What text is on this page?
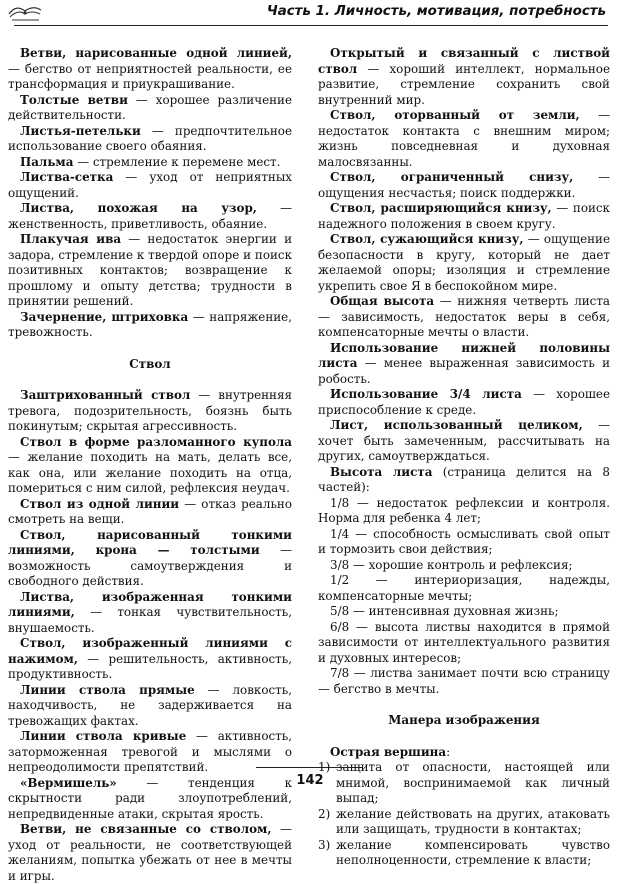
Часть 1. Личность, мотивация, потребность

Ветви, нарисованные одной линией, — бегство от неприятностей реальности, ее трансформация и приукрашивание.

Толстые ветви — хорошее различение действительности.

Листья-петельки — предпочтительное использование своего обаяния.

Пальма — стремление к перемене мест.

Листва-сетка — уход от неприятных ощущений.

Листва, похожая на узор, — женственность, приветливость, обаяние.

Плакучая ива — недостаток энергии и задора, стремление к твердой опоре и поиск позитивных контактов; возвращение к прошлому и опыту детства; трудности в принятии решений.

Зачернение, штриховка — напряжение, тревожность.

Ствол

Заштрихованный ствол — внутренняя тревога, подозрительность, боязнь быть покинутым; скрытая агрессивность.

Ствол в форме разломанного купола — желание походить на мать, делать все, как она, или желание походить на отца, помериться с ним силой, рефлексия неудач.

Ствол из одной линии — отказ реально смотреть на вещи.

Ствол, нарисованный тонкими линиями, крона — толстыми — возможность самоутверждения и свободного действия.

Листва, изображенная тонкими линиями, — тонкая чувствительность, внушаемость.

Ствол, изображенный линиями с нажимом, — решительность, активность, продуктивность.

Линии ствола прямые — ловкость, находчивость, не задерживается на тревожащих фактах.

Линии ствола кривые — активность, заторможенная тревогой и мыслями о непреодолимости препятствий.

«Вермишель» — тенденция к скрытности ради злоупотреблений, непредвиденные атаки, скрытая ярость.

Ветви, не связанные со стволом, — уход от реальности, не соответствующей желаниям, попытка убежать от нее в мечты и игры.

Открытый и связанный с листвой ствол — хороший интеллект, нормальное развитие, стремление сохранить свой внутренний мир.

Ствол, оторванный от земли, — недостаток контакта с внешним миром; жизнь повседневная и духовная малосвязанны.

Ствол, ограниченный снизу, — ощущения несчастья; поиск поддержки.

Ствол, расширяющийся книзу, — поиск надежного положения в своем кругу.

Ствол, сужающийся книзу, — ощущение безопасности в кругу, который не дает желаемой опоры; изоляция и стремление укрепить свое Я в беспокойном мире.

Общая высота — нижняя четверть листа — зависимость, недостаток веры в себя, компенсаторные мечты о власти.

Использование нижней половины листа — менее выраженная зависимость и робость.

Использование 3/4 листа — хорошее приспособление к среде.

Лист, использованный целиком, — хочет быть замеченным, рассчитывать на других, самоутверждаться.

Высота листа (страница делится на 8 частей):

1/8 — недостаток рефлексии и контроля. Норма для ребенка 4 лет;

1/4 — способность осмысливать свой опыт и тормозить свои действия;

3/8 — хорошие контроль и рефлексия;

1/2 — интериоризация, надежды, компенсаторные мечты;

5/8 — интенсивная духовная жизнь;

6/8 — высота листвы находится в прямой зависимости от интеллектуального развития и духовных интересов;

7/8 — листва занимает почти всю страницу — бегство в мечты.

Манера изображения

Острая вершина:

1) защита от опасности, настоящей или мнимой, воспринимаемой как личный выпад;

2) желание действовать на других, атаковать или защищать, трудности в контактах;

3) желание компенсировать чувство неполноценности, стремление к власти;

142
